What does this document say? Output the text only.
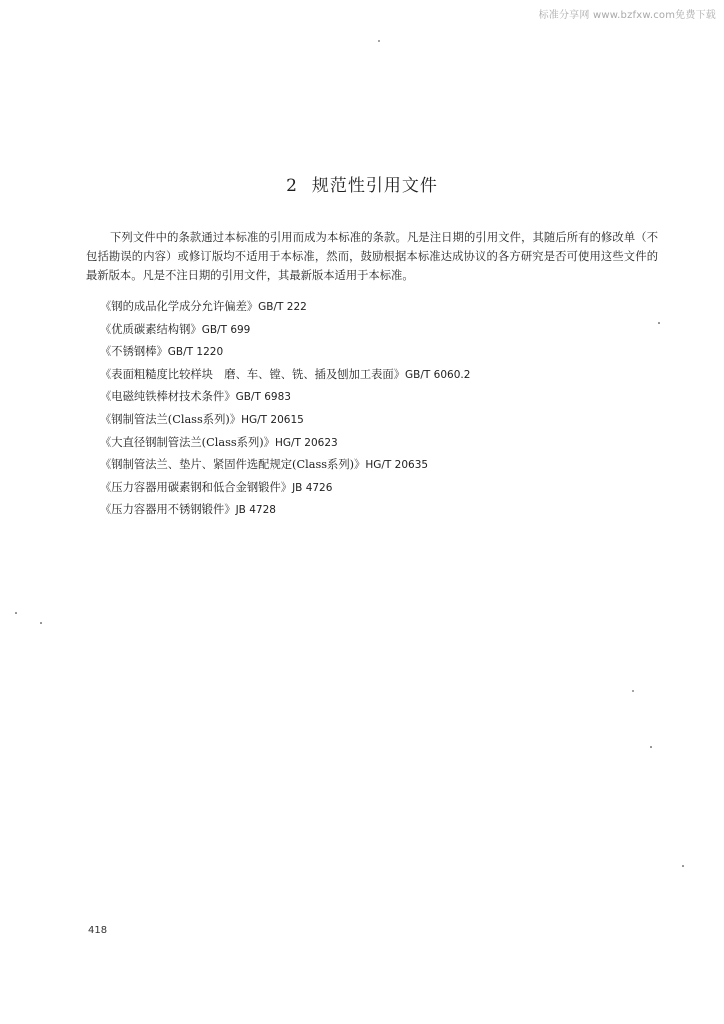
标准分享网 www.bzfxw.com免费下载
2 规范性引用文件

下列文件中的条款通过本标准的引用而成为本标准的条款。凡是注日期的引用文件，其随后所有的修改单（不包括勘误的内容）或修订版均不适用于本标准，然而，鼓励根据本标准达成协议的各方研究是否可使用这些文件的最新版本。凡是不注日期的引用文件，其最新版本适用于本标准。

《钢的成品化学成分允许偏差》GB/T 222
《优质碳素结构钢》GB/T 699
《不锈钢棒》GB/T 1220
《表面粗糙度比较样块　磨、车、镗、铣、插及刨加工表面》GB/T 6060.2
《电磁纯铁棒材技术条件》GB/T 6983
《钢制管法兰(Class系列)》HG/T 20615
《大直径钢制管法兰(Class系列)》HG/T 20623
《钢制管法兰、垫片、紧固件选配规定(Class系列)》HG/T 20635
《压力容器用碳素钢和低合金钢锻件》JB 4726
《压力容器用不锈钢锻件》JB 4728
418
